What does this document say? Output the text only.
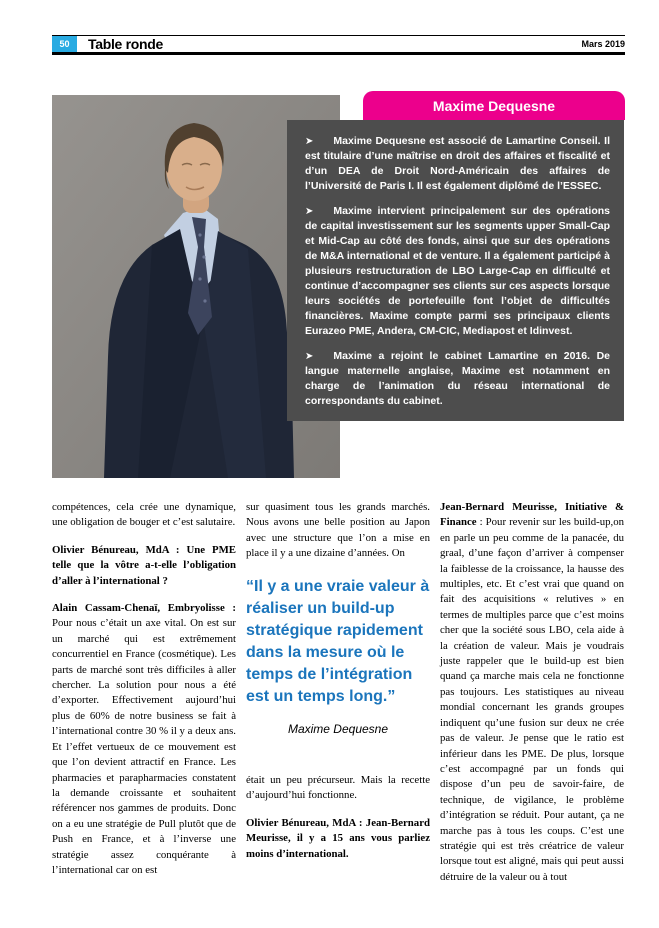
50	Table ronde	Mars 2019
Maxime Dequesne

➤ Maxime Dequesne est associé de Lamartine Conseil. Il est titulaire d’une maîtrise en droit des affaires et fiscalité et d’un DEA de Droit Nord-Américain des affaires de l’Université de Paris I. Il est également diplômé de l’ESSEC.

➤ Maxime intervient principalement sur des opérations de capital investissement sur les segments upper Small-Cap et Mid-Cap au côté des fonds, ainsi que sur des opérations de M&A international et de venture. Il a également participé à plusieurs restructuration de LBO Large-Cap en difficulté et continue d’accompagner ses clients sur ces aspects lorsque leurs sociétés de portefeuille font l’objet de difficultés financières. Maxime compte parmi ses principaux clients Eurazeo PME, Andera, CM-CIC, Mediapost et Idinvest.

➤ Maxime a rejoint le cabinet Lamartine en 2016. De langue maternelle anglaise, Maxime est notamment en charge de l’animation du réseau international de correspondants du cabinet.

compétences, cela crée une dynamique, une obligation de bouger et c’est salutaire.

Olivier Bénureau, MdA : Une PME telle que la vôtre a-t-elle l’obligation d’aller à l’international ?

Alain Cassam-Chenaï, Embryolisse : Pour nous c’était un axe vital. On est sur un marché qui est extrêmement concurrentiel en France (cosmétique). Les parts de marché sont très difficiles à aller chercher. La solution pour nous a été d’exporter. Effectivement aujourd’hui plus de 60% de notre business se fait à l’international contre 30 % il y a deux ans. Et l’effet vertueux de ce mouvement est que l’on devient attractif en France. Les pharmacies et parapharmacies constatent la demande croissante et souhaitent référencer nos gammes de produits. Donc on a eu une stratégie de Pull plutôt que de Push en France, et à l’inverse une stratégie assez conquérante à l’international car on est

sur quasiment tous les grands marchés. Nous avons une belle position au Japon avec une structure que l’on a mise en place il y a une dizaine d’années. On

“Il y a une vraie valeur à réaliser un build-up stratégique rapidement dans la mesure où le temps de l’intégration est un temps long.”
Maxime Dequesne

était un peu précurseur. Mais la recette d’aujourd’hui fonctionne.

Olivier Bénureau, MdA : Jean-Bernard Meurisse, il y a 15 ans vous parliez moins d’international.

Jean-Bernard Meurisse, Initiative & Finance : Pour revenir sur les build-up,on en parle un peu comme de la panacée, du graal, d’une façon d’arriver à compenser la faiblesse de la croissance, la hausse des multiples, etc. Et c’est vrai que quand on fait des acquisitions « relutives » en termes de multiples parce que c’est moins cher que la société sous LBO, cela aide à la création de valeur. Mais je voudrais juste rappeler que le build-up est bien quand ça marche mais cela ne fonctionne pas toujours. Les statistiques au niveau mondial concernant les grands groupes indiquent qu’une fusion sur deux ne crée pas de valeur. Je pense que le ratio est inférieur dans les PME. De plus, lorsque c’est accompagné par un fonds qui dispose d’un peu de savoir-faire, de technique, de vigilance, le problème d’intégration se réduit. Pour autant, ça ne marche pas à tous les coups. C’est une stratégie qui est très créatrice de valeur lorsque tout est aligné, mais qui peut aussi détruire de la valeur ou à tout
